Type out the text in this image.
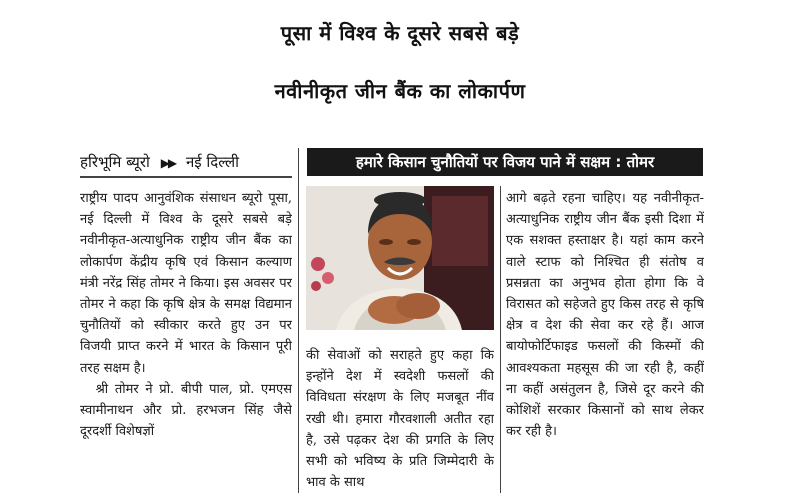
पूसा में विश्व के दूसरे सबसे बड़े
नवीनीकृत जीन बैंक का लोकार्पण
हरिभूमि ब्यूरो ▶▶ नई दिल्ली	हमारे किसान चुनौतियों पर विजय पाने में सक्षम : तोमर

राष्ट्रीय पादप आनुवंशिक संसाधन ब्यूरो पूसा, नई दिल्ली में विश्व के दूसरे सबसे बड़े नवीनीकृत-अत्याधुनिक राष्ट्रीय जीन बैंक का लोकार्पण केंद्रीय कृषि एवं किसान कल्याण मंत्री नरेंद्र सिंह तोमर ने किया। इस अवसर पर तोमर ने कहा कि कृषि क्षेत्र के समक्ष विद्यमान चुनौतियों को स्वीकार करते हुए उन पर विजयी प्राप्त करने में भारत के किसान पूरी तरह सक्षम है।

श्री तोमर ने प्रो. बीपी पाल, प्रो. एमएस स्वामीनाथन और प्रो. हरभजन सिंह जैसे दूरदर्शी विशेषज्ञों

की सेवाओं को सराहते हुए कहा कि इन्होंने देश में स्वदेशी फसलों की विविधता संरक्षण के लिए मजबूत नींव रखी थी। हमारा गौरवशाली अतीत रहा है, उसे पढ़कर देश की प्रगति के लिए सभी को भविष्य के प्रति जिम्मेदारी के भाव के साथ

आगे बढ़ते रहना चाहिए। यह नवीनीकृत-अत्याधुनिक राष्ट्रीय जीन बैंक इसी दिशा में एक सशक्त हस्ताक्षर है। यहां काम करने वाले स्टाफ को निश्चित ही संतोष व प्रसन्नता का अनुभव होता होगा कि वे विरासत को सहेजते हुए किस तरह से कृषि क्षेत्र व देश की सेवा कर रहे हैं। आज बायोफोर्टिफाइड फसलों की किस्मों की आवश्यकता महसूस की जा रही है, कहीं ना कहीं असंतुलन है, जिसे दूर करने की कोशिशें सरकार किसानों को साथ लेकर कर रही है।
